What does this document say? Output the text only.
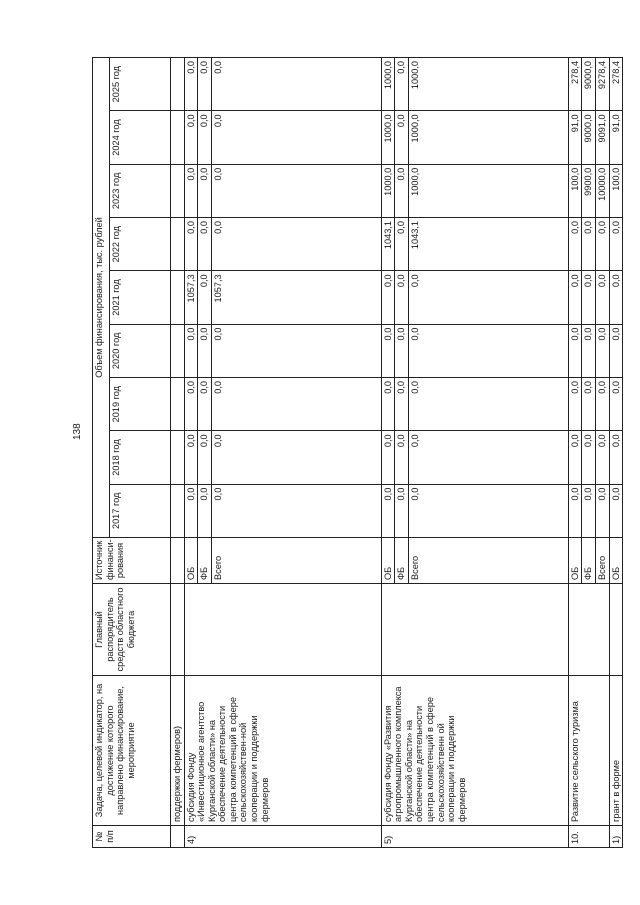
138
№ п/п	Задача, целевой индикатор, на достижение которого направлено финансирование, мероприятие	Главный распорядитель средств областного бюджета	Источник финанси-рования	Объем финансирования, тыс. рублей								
				2017 год	2018 год	2019 год	2020 год	2021 год	2022 год	2023 год	2024 год	2025 год
	поддержки фермеров)											
4)	субсидия Фонду «Инвестиционное агентство Курганской области» на обеспечение деятельности центра компетенций в сфере сельскохозяйствен-ной кооперации и поддержки фермеров		ОБ	0,0	0,0	0,0	0,0	1057,3	0,0	0,0	0,0	0,0
			ФБ	0,0	0,0	0,0	0,0	0,0	0,0	0,0	0,0	0,0
			Всего	0,0	0,0	0,0	0,0	1057,3	0,0	0,0	0,0	0,0
5)	субсидия Фонду «Развития агропромышленного комплекса Курганской области» на обеспечение деятельности центра компетенций в сфере сельскохозяйственн ой кооперации и поддержки фермеров		ОБ	0,0	0,0	0,0	0,0	0,0	1043,1	1000,0	1000,0	1000,0
			ФБ	0,0	0,0	0,0	0,0	0,0	0,0	0,0	0,0	0,0
			Всего	0,0	0,0	0,0	0,0	0,0	1043,1	1000,0	1000,0	1000,0
10.	Развитие сельского туризма		ОБ	0,0	0,0	0,0	0,0	0,0	0,0	100,0	91,0	278,4
			ФБ	0,0	0,0	0,0	0,0	0,0	0,0	9900,0	9000,0	9000,0
			Всего	0,0	0,0	0,0	0,0	0,0	0,0	10000,0	9091,0	9278,4
1)	грант в форме		ОБ	0,0	0,0	0,0	0,0	0,0	0,0	100,0	91,0	278,4
